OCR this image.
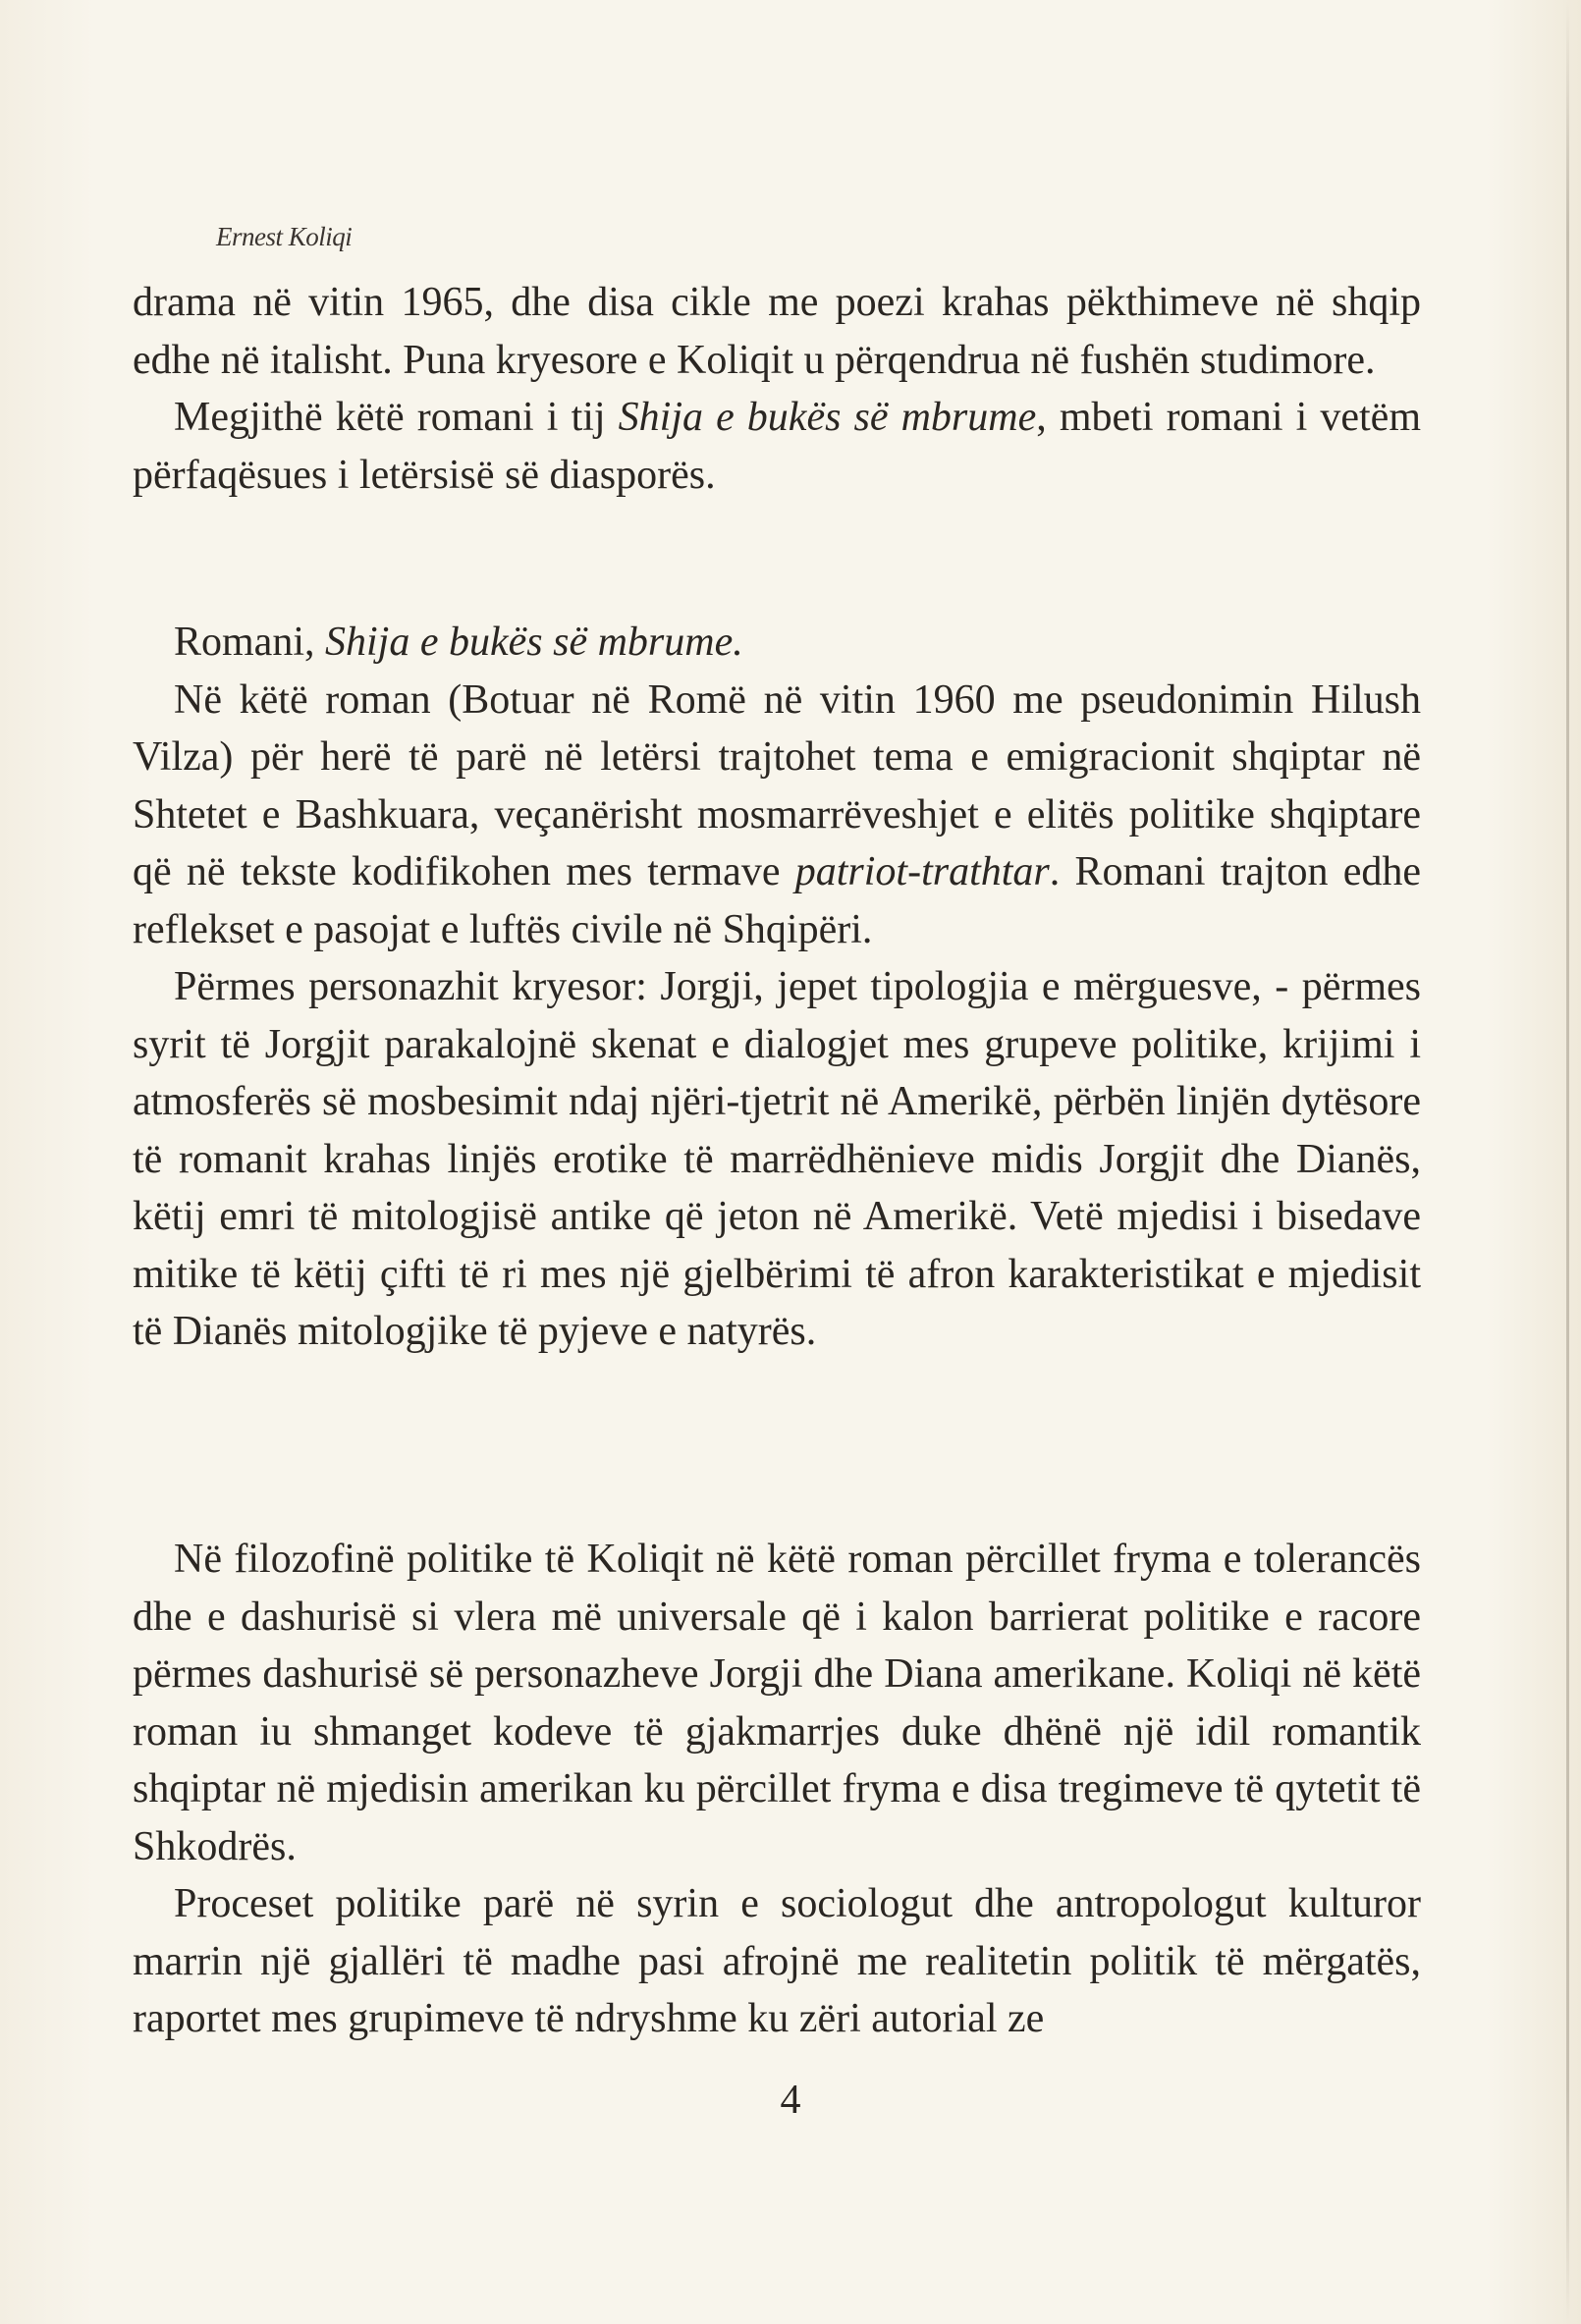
Ernest Koliqi

drama në vitin 1965, dhe disa cikle me poezi krahas pëkthimeve në shqip edhe në italisht. Puna kryesore e Koliqit u përqendrua në fushën studimore.

Megjithë këtë romani i tij Shija e bukës së mbrume, mbeti romani i vetëm përfaqësues i letërsisë së diasporës.

Romani, Shija e bukës së mbrume.

Në këtë roman (Botuar në Romë në vitin 1960 me pseudonimin Hilush Vilza) për herë të parë në letërsi trajtohet tema e emigracionit shqiptar në Shtetet e Bashkuara, veçanërisht mosmarrëveshjet e elitës politike shqiptare që në tekste kodifikohen mes termave patriot-trathtar. Romani trajton edhe reflekset e pasojat e luftës civile në Shqipëri.

Përmes personazhit kryesor: Jorgji, jepet tipologjia e mërguesve, - përmes syrit të Jorgjit parakalojnë skenat e dialogjet mes grupeve politike, krijimi i atmosferës së mosbesimit ndaj njëri-tjetrit në Amerikë, përbën linjën dytësore të romanit krahas linjës erotike të marrëdhënieve midis Jorgjit dhe Dianës, këtij emri të mitologjisë antike që jeton në Amerikë. Vetë mjedisi i bisedave mitike të këtij çifti të ri mes një gjelbërimi të afron karakteristikat e mjedisit të Dianës mitologjike të pyjeve e natyrës.

Në filozofinë politike të Koliqit në këtë roman përcillet fryma e tolerancës dhe e dashurisë si vlera më universale që i kalon barrierat politike e racore përmes dashurisë së personazheve Jorgji dhe Diana amerikane. Koliqi në këtë roman iu shmanget kodeve të gjakmarrjes duke dhënë një idil romantik shqiptar në mjedisin amerikan ku përcillet fryma e disa tregimeve të qytetit të Shkodrës.

Proceset politike parë në syrin e sociologut dhe antropologut kulturor marrin një gjallëri të madhe pasi afrojnë me realitetin politik të mërgatës, raportet mes grupimeve të ndryshme ku zëri autorial ze

4
